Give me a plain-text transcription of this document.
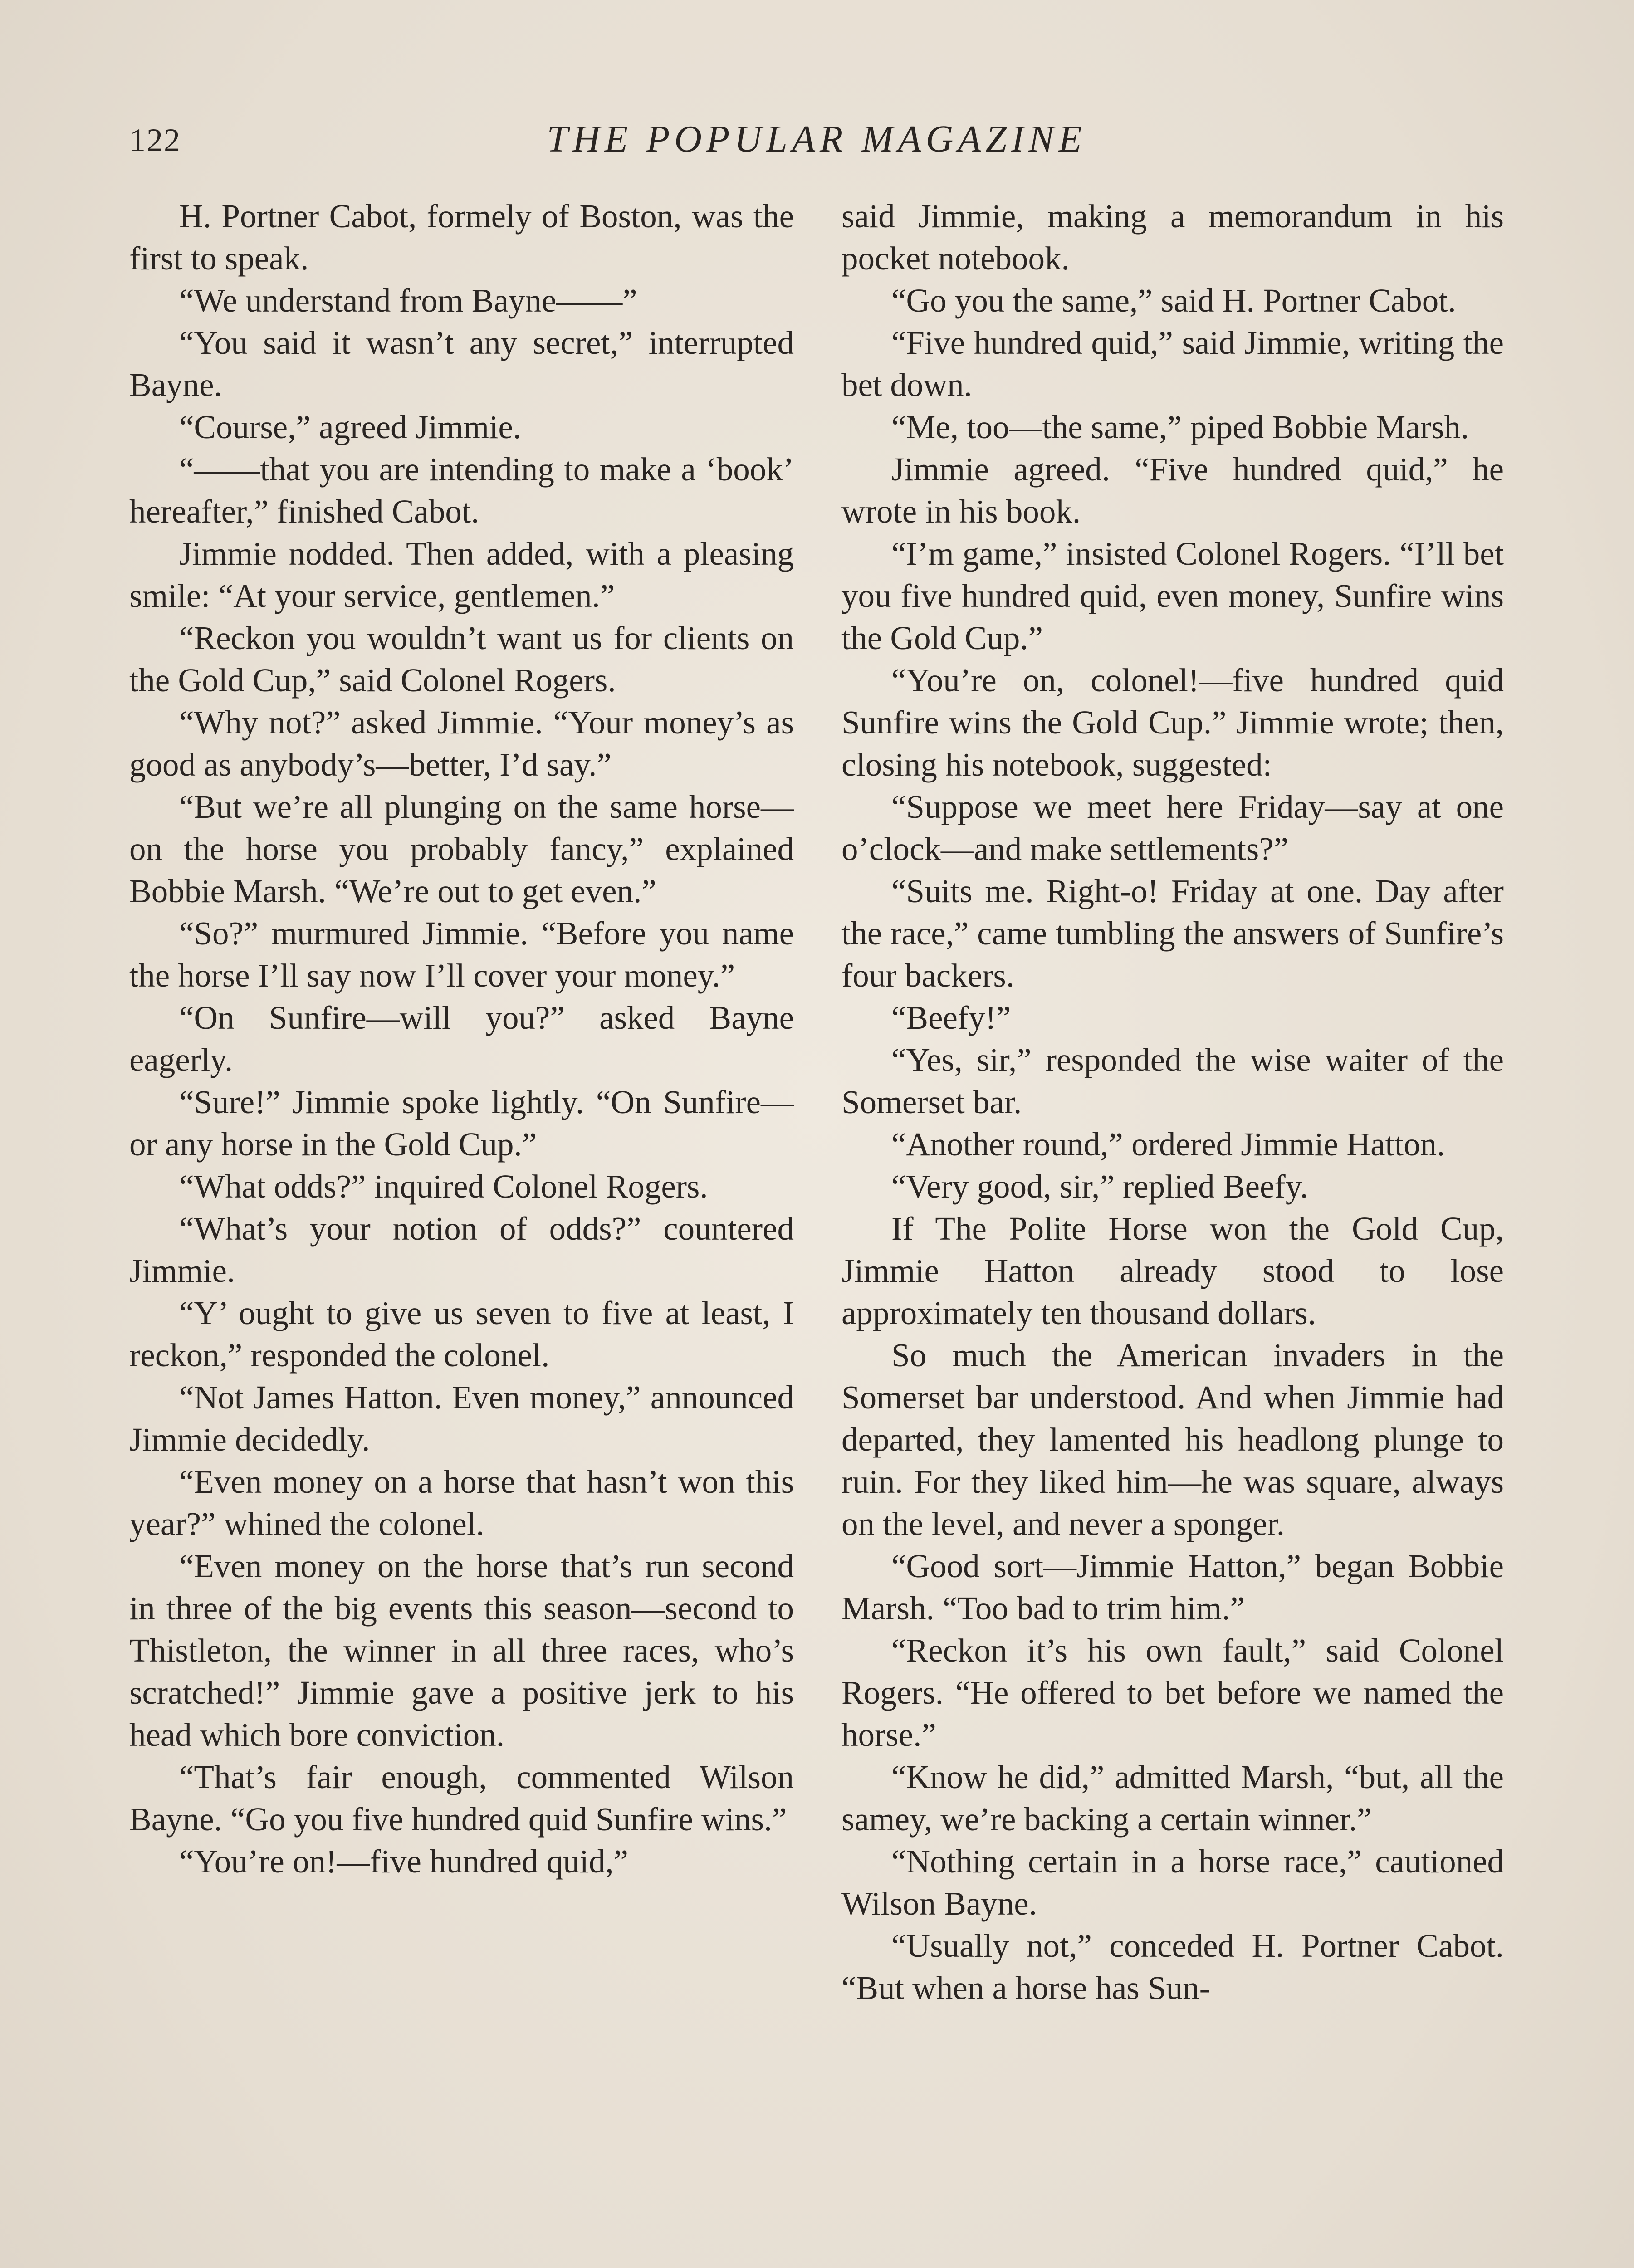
122	THE POPULAR MAGAZINE

H. Portner Cabot, formely of Boston, was the first to speak.

“We understand from Bayne——”

“You said it wasn’t any secret,” interrupted Bayne.

“Course,” agreed Jimmie.

“——that you are intending to make a ‘book’ hereafter,” finished Cabot.

Jimmie nodded. Then added, with a pleasing smile: “At your service, gentlemen.”

“Reckon you wouldn’t want us for clients on the Gold Cup,” said Colonel Rogers.

“Why not?” asked Jimmie. “Your money’s as good as anybody’s—better, I’d say.”

“But we’re all plunging on the same horse—on the horse you probably fancy,” explained Bobbie Marsh. “We’re out to get even.”

“So?” murmured Jimmie. “Before you name the horse I’ll say now I’ll cover your money.”

“On Sunfire—will you?” asked Bayne eagerly.

“Sure!” Jimmie spoke lightly. “On Sunfire—or any horse in the Gold Cup.”

“What odds?” inquired Colonel Rogers.

“What’s your notion of odds?” countered Jimmie.

“Y’ ought to give us seven to five at least, I reckon,” responded the colonel.

“Not James Hatton. Even money,” announced Jimmie decidedly.

“Even money on a horse that hasn’t won this year?” whined the colonel.

“Even money on the horse that’s run second in three of the big events this season—second to Thistleton, the winner in all three races, who’s scratched!” Jimmie gave a positive jerk to his head which bore conviction.

“That’s fair enough, commented Wilson Bayne. “Go you five hundred quid Sunfire wins.”

“You’re on!—five hundred quid,”

said Jimmie, making a memorandum in his pocket notebook.

“Go you the same,” said H. Portner Cabot.

“Five hundred quid,” said Jimmie, writing the bet down.

“Me, too—the same,” piped Bobbie Marsh.

Jimmie agreed. “Five hundred quid,” he wrote in his book.

“I’m game,” insisted Colonel Rogers. “I’ll bet you five hundred quid, even money, Sunfire wins the Gold Cup.”

“You’re on, colonel!—five hundred quid Sunfire wins the Gold Cup.” Jimmie wrote; then, closing his notebook, suggested:

“Suppose we meet here Friday—say at one o’clock—and make settlements?”

“Suits me. Right-o! Friday at one. Day after the race,” came tumbling the answers of Sunfire’s four backers.

“Beefy!”

“Yes, sir,” responded the wise waiter of the Somerset bar.

“Another round,” ordered Jimmie Hatton.

“Very good, sir,” replied Beefy.

If The Polite Horse won the Gold Cup, Jimmie Hatton already stood to lose approximately ten thousand dollars.

So much the American invaders in the Somerset bar understood. And when Jimmie had departed, they lamented his headlong plunge to ruin. For they liked him—he was square, always on the level, and never a sponger.

“Good sort—Jimmie Hatton,” began Bobbie Marsh. “Too bad to trim him.”

“Reckon it’s his own fault,” said Colonel Rogers. “He offered to bet before we named the horse.”

“Know he did,” admitted Marsh, “but, all the samey, we’re backing a certain winner.”

“Nothing certain in a horse race,” cautioned Wilson Bayne.

“Usually not,” conceded H. Portner Cabot. “But when a horse has Sun-
